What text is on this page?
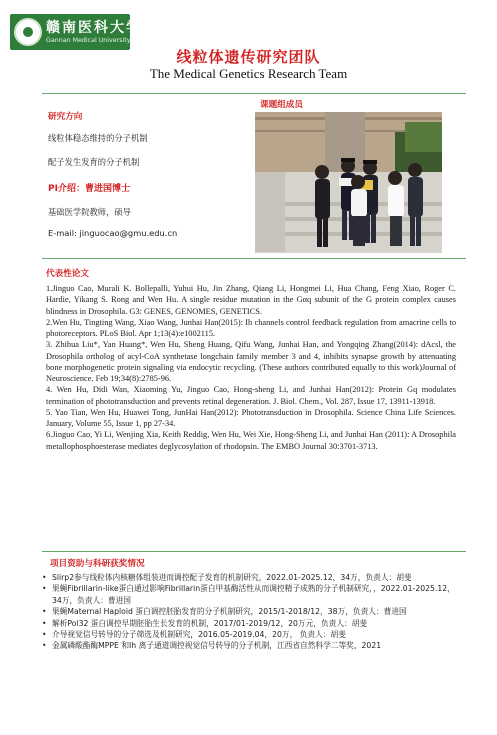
赣南医科大学
Gannan Medical University
线粒体遗传研究团队
The Medical Genetics Research Team
研究方向
线粒体稳态维持的分子机制
配子发生发育的分子机制
PI介绍：曹进国博士
基础医学院教师，硕导
E-mail: jinguocao@gmu.edu.cn
课题组成员
代表性论文

1.Jinguo Cao, Murali K. Bollepalli, Yuhui Hu, Jin Zhang, Qiang Li, Hongmei Li, Hua Chang, Feng Xiao, Roger C. Hardie, Yikang S. Rong and Wen Hu. A single residue mutation in the Gαq subunit of the G protein complex causes blindness in Drosophila. G3: GENES, GENOMES, GENETICS.

2.Wen Hu, Tingting Wang, Xiao Wang, Junhai Han(2015): Ih channels control feedback regulation from amacrine cells to photoreceptors. PLoS Biol. Apr 1;13(4):e1002115.

3. Zhihua Liu*, Yan Huang*, Wen Hu, Sheng Huang, Qifu Wang, Junhai Han, and Yongqing Zhang(2014): dAcsl, the Drosophila ortholog of acyl-CoA synthetase longchain family member 3 and 4, inhibits synapse growth by attenuating bone morphogenetic protein signaling via endocytic recycling. (These authors contributed equally to this work)Journal of Neuroscience. Feb 19;34(8):2785-96.

4. Wen Hu, Didi Wan, Xiaoming Yu, Jinguo Cao, Hong-sheng Li, and Junhai Han(2012): Protein Gq modulates termination of phototransduction and prevents retinal degeneration. J. Biol. Chem., Vol. 287, Issue 17, 13911-13918.

5. Yao Tian, Wen Hu, Huawei Tong, JunHai Han(2012): Phototransduction in Drosophila. Science China Life Sciences. January, Volume 55, Issue 1, pp 27-34.

6.Jinguo Cao, Yi Li, Wenjing Xia, Keith Reddig, Wen Hu, Wei Xie, Hong-Sheng Li, and Junhai Han (2011): A Drosophila metallophosphoesterase mediates deglycosylation of rhodopsin. The EMBO Journal 30:3701-3713.

项目资助与科研获奖情况
• Slirp2参与线粒体内核糖体组装进而调控配子发育的机制研究，2022.01-2025.12，34万，负责人：胡斐
• 果蝇Fibrillarin-like蛋白通过影响Fibrillarin蛋白甲基酶活性从而调控精子成熟的分子机制研究，，2022.01-2025.12，34万，负责人：曹进国
• 果蝇Maternal Haploid 蛋白调控胚胎发育的分子机制研究，2015/1-2018/12，38万，负责人：曹进国
• 解析Pol32 蛋白调控早期胚胎生长发育的机制，2017/01-2019/12，20万元，负责人：胡斐
• 介导视觉信号转导的分子筛选及机制研究，2016.05-2019.04，20万， 负责人：胡斐
• 金属磷酸酯酶MPPE 和Ih 离子通道调控视觉信号转导的分子机制，江西省自然科学二等奖，2021
